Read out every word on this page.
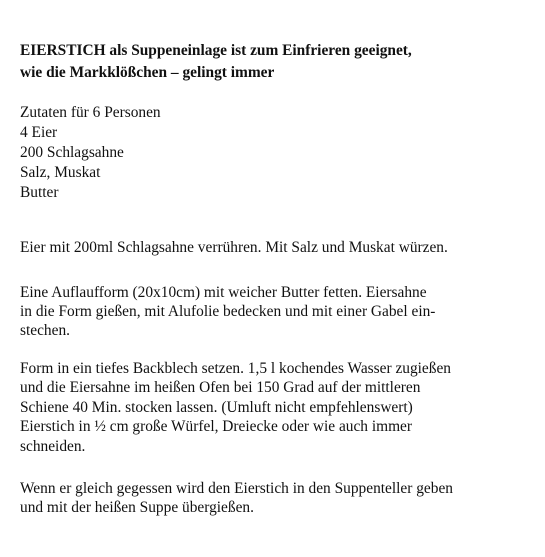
EIERSTICH als Suppeneinlage ist zum Einfrieren geeignet,
wie die Markklößchen – gelingt immer
Zutaten für 6 Personen
4 Eier
200 Schlagsahne
Salz, Muskat
Butter
Eier mit 200ml Schlagsahne verrühren. Mit Salz und Muskat würzen.
Eine Auflaufform (20x10cm) mit weicher Butter fetten. Eiersahne
in die Form gießen, mit Alufolie bedecken und mit einer Gabel ein-
stechen.
Form in ein tiefes Backblech setzen. 1,5 l kochendes Wasser zugießen
und die Eiersahne im heißen Ofen bei 150 Grad auf der mittleren
Schiene 40 Min. stocken lassen. (Umluft nicht empfehlenswert)
Eierstich in ½ cm große Würfel, Dreiecke oder wie auch immer
schneiden.
Wenn er gleich gegessen wird den Eierstich in den Suppenteller geben
und mit der heißen Suppe übergießen.
